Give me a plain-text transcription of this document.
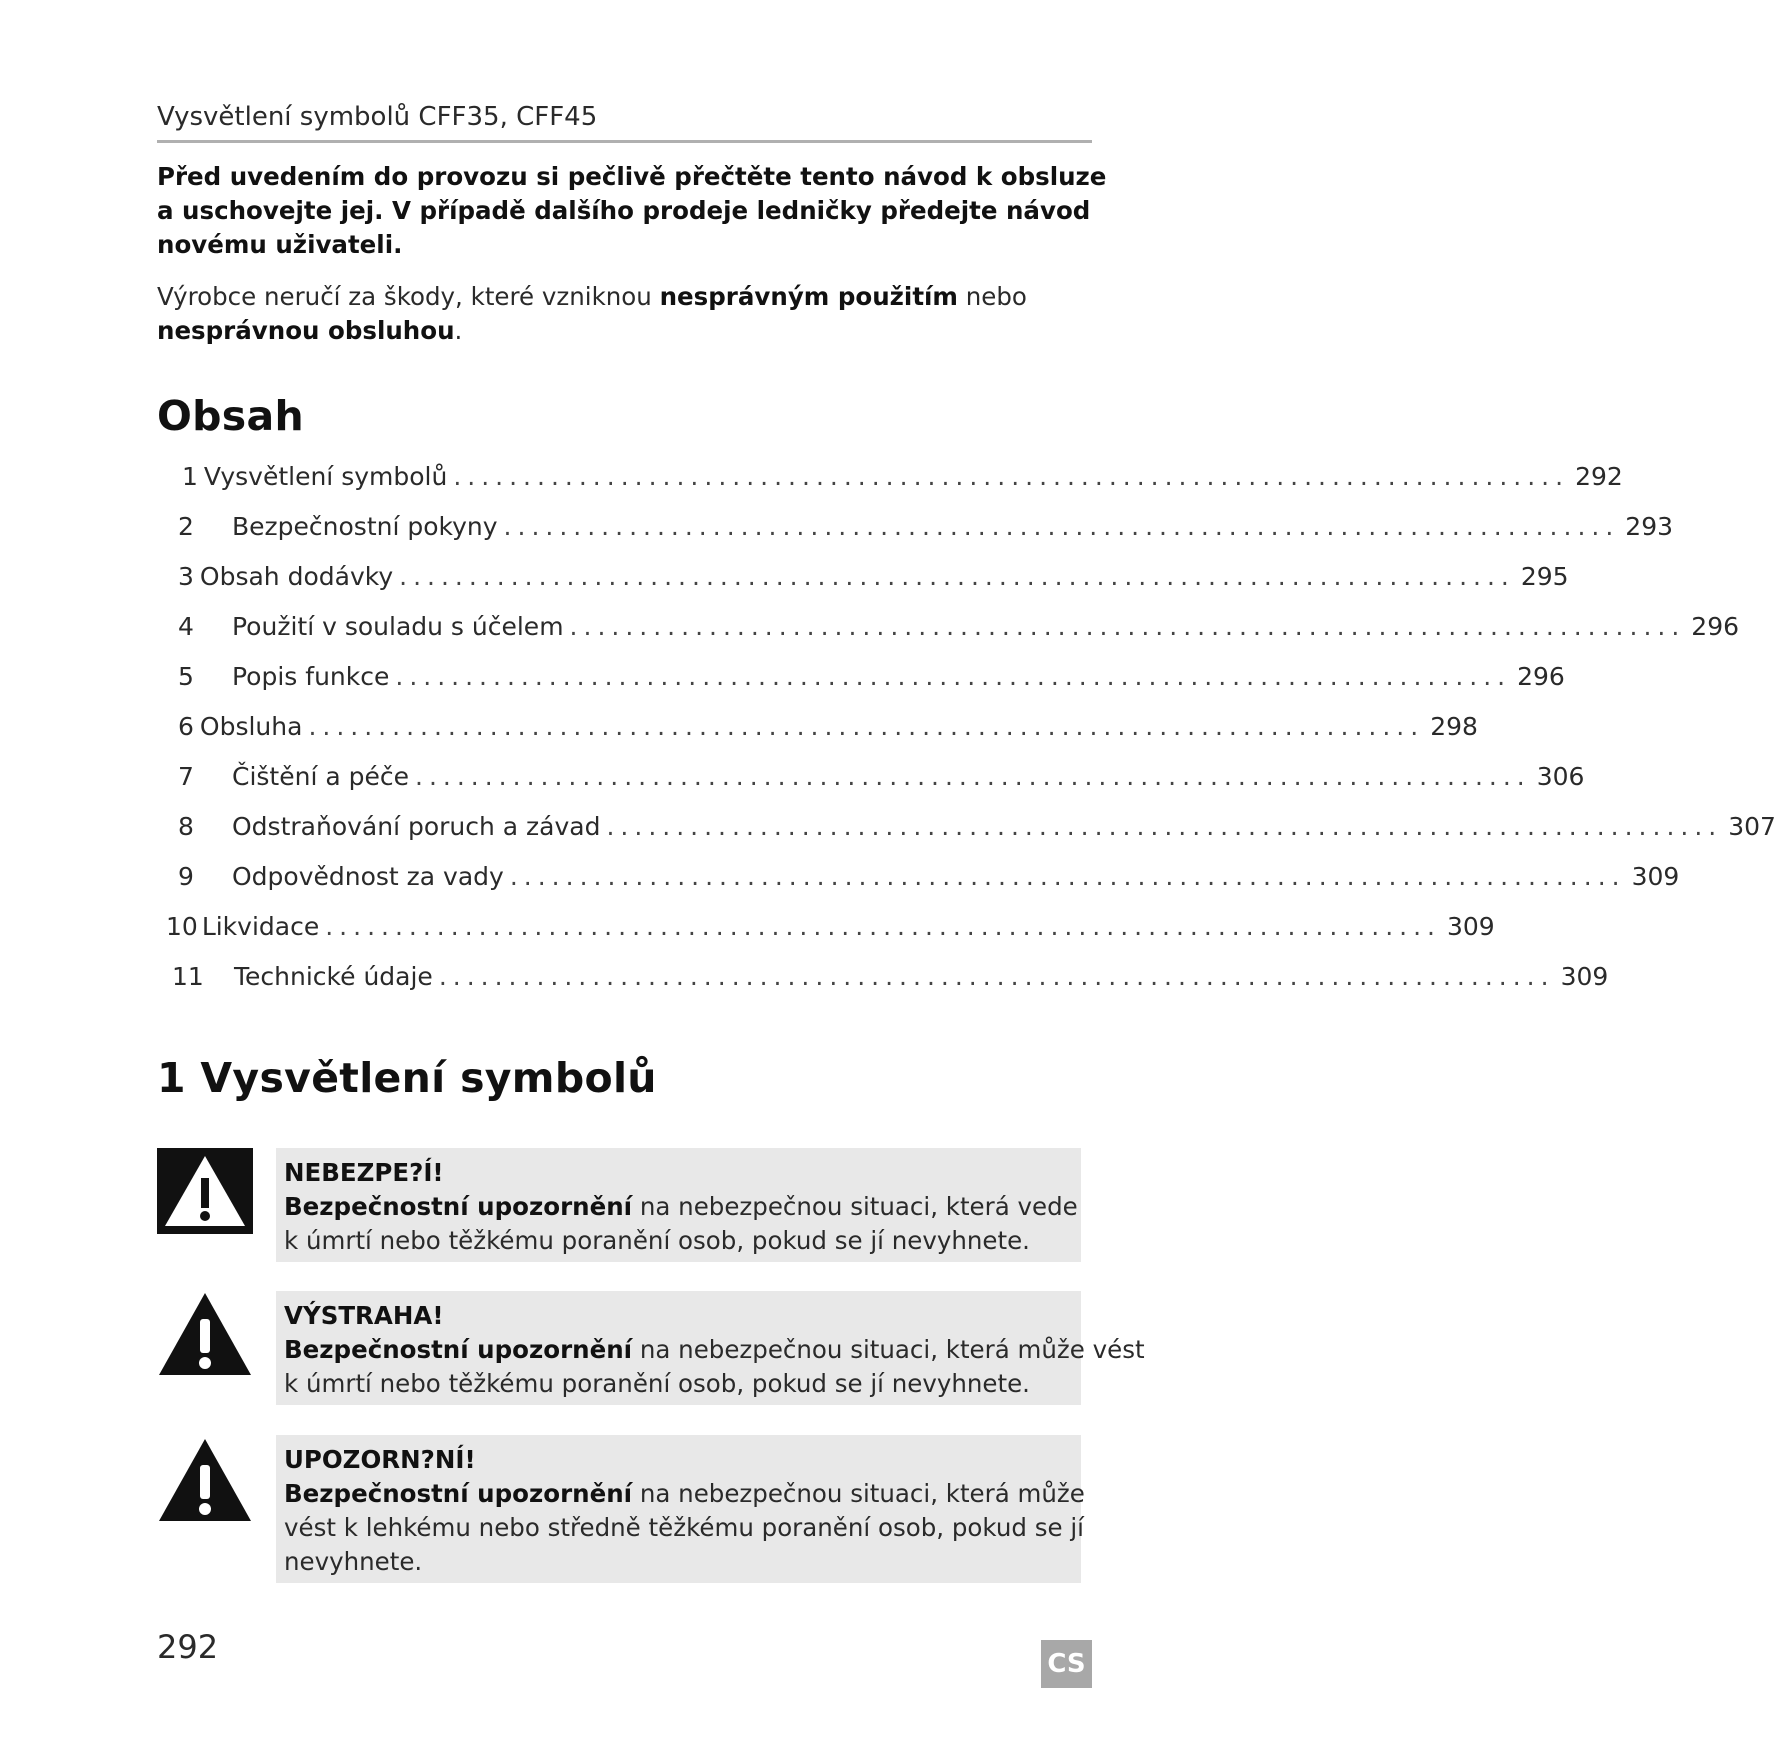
Vysvětlení symbolů CFF35, CFF45
Před uvedením do provozu si pečlivě přečtěte tento návod k obsluze
a uschovejte jej. V případě dalšího prodeje ledničky předejte návod
novému uživateli.
Výrobce neručí za škody, které vzniknou nesprávným použitím nebo
nesprávnou obsluhou.
Obsah
1 Vysvětlení symbolů ................................................................................ 292
2	Bezpečnostní pokyny ................................................................................ 293
3 Obsah dodávky ................................................................................ 295
4	Použití v souladu s účelem ................................................................................ 296
5	Popis funkce ................................................................................ 296
6 Obsluha ................................................................................ 298
7	Čištění a péče ................................................................................ 306
8	Odstraňování poruch a závad ................................................................................ 307
9	Odpovědnost za vady ................................................................................ 309
10 Likvidace ................................................................................ 309
11	Technické údaje ................................................................................ 309
1 Vysvětlení symbolů
NEBEZPE?Í!
Bezpečnostní upozornění na nebezpečnou situaci, která vede
k úmrtí nebo těžkému poranění osob, pokud se jí nevyhnete.
VÝSTRAHA!
Bezpečnostní upozornění na nebezpečnou situaci, která může vést
k úmrtí nebo těžkému poranění osob, pokud se jí nevyhnete.
UPOZORN?NÍ!
Bezpečnostní upozornění na nebezpečnou situaci, která může
vést k lehkému nebo středně těžkému poranění osob, pokud se jí
nevyhnete.
292	CS
